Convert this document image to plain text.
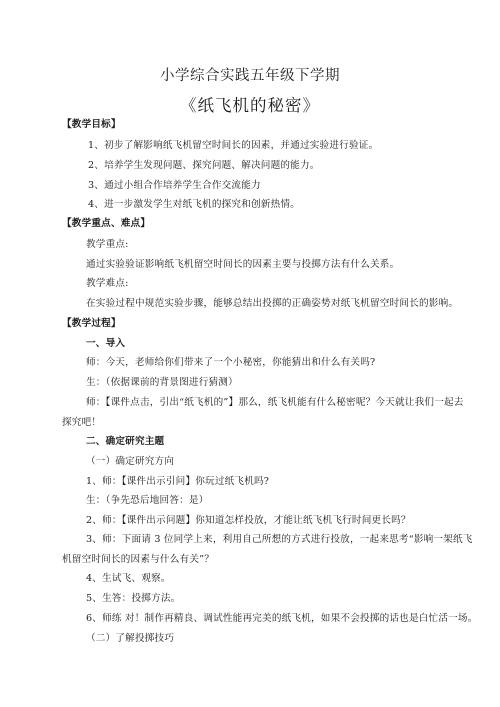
小学综合实践五年级下学期
《纸飞机的秘密》
【教学目标】
1、初步了解影响纸飞机留空时间长的因素，并通过实验进行验证。
2、培养学生发现问题、探究问题、解决问题的能力。
3、通过小组合作培养学生合作交流能力
4、进一步激发学生对纸飞机的探究和创新热情。
【教学重点、难点】
教学重点:
通过实验验证影响纸飞机留空时间长的因素主要与投掷方法有什么关系。
教学难点:
在实验过程中规范实验步骤，能够总结出投掷的正确姿势对纸飞机留空时间长的影响。
【教学过程】
一、导入
师：今天，老师给你们带来了一个小秘密，你能猜出和什么有关吗?
生：（依据课前的背景图进行猜测）
师：【课件点击，引出“纸飞机的”】那么，纸飞机能有什么秘密呢？今天就让我们一起去
探究吧！
二、确定研究主题
（一）确定研究方向
1、师：【课件出示引问】你玩过纸飞机吗?
生：（争先恐后地回答：是）
2、师：【课件出示问题】你知道怎样投放，才能让纸飞机飞行时间更长吗？
3、师：下面请 3 位同学上来，利用自己所想的方式进行投放，一起来思考“影响一架纸飞
机留空时间长的因素与什么有关”？
4、生试飞、观察。
5、生答：投掷方法。
6、师练 对！制作再精良、调试性能再完美的纸飞机，如果不会投掷的话也是白忙活一场。
（二）了解投掷技巧
